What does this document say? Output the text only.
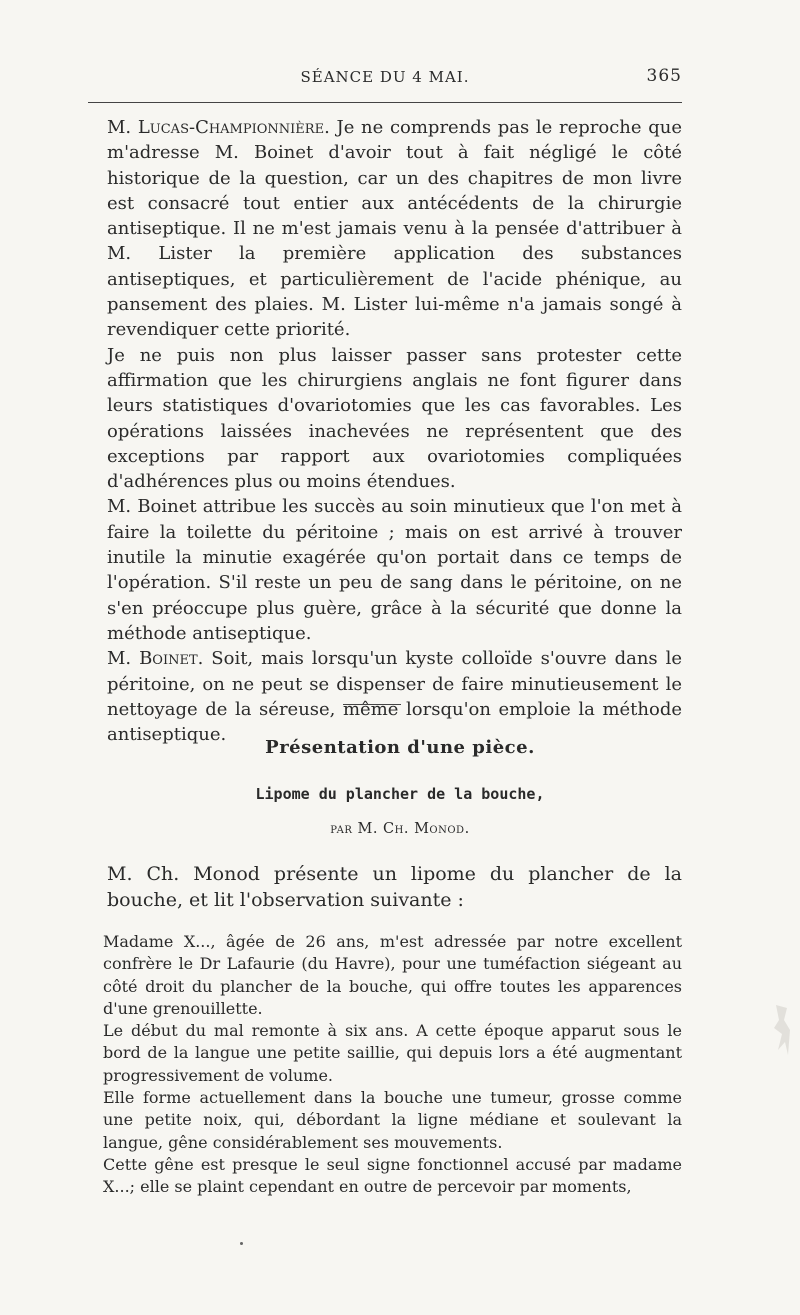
SÉANCE DU 4 MAI.	365

M. Lucas-Championnière. Je ne comprends pas le reproche que m'adresse M. Boinet d'avoir tout à fait négligé le côté historique de la question, car un des chapitres de mon livre est consacré tout entier aux antécédents de la chirurgie antiseptique. Il ne m'est jamais venu à la pensée d'attribuer à M. Lister la première application des substances antiseptiques, et particulièrement de l'acide phénique, au pansement des plaies. M. Lister lui-même n'a jamais songé à revendiquer cette priorité.

Je ne puis non plus laisser passer sans protester cette affirmation que les chirurgiens anglais ne font figurer dans leurs statistiques d'ovariotomies que les cas favorables. Les opérations laissées inachevées ne représentent que des exceptions par rapport aux ovariotomies compliquées d'adhérences plus ou moins étendues.

M. Boinet attribue les succès au soin minutieux que l'on met à faire la toilette du péritoine ; mais on est arrivé à trouver inutile la minutie exagérée qu'on portait dans ce temps de l'opération. S'il reste un peu de sang dans le péritoine, on ne s'en préoccupe plus guère, grâce à la sécurité que donne la méthode antiseptique.

M. Boinet. Soit, mais lorsqu'un kyste colloïde s'ouvre dans le péritoine, on ne peut se dispenser de faire minutieusement le nettoyage de la séreuse, même lorsqu'on emploie la méthode antiseptique.

Présentation d'une pièce.
Lipome du plancher de la bouche,
par M. Ch. Monod.

M. Ch. Monod présente un lipome du plancher de la bouche, et lit l'observation suivante :

Madame X..., âgée de 26 ans, m'est adressée par notre excellent confrère le Dr Lafaurie (du Havre), pour une tuméfaction siégeant au côté droit du plancher de la bouche, qui offre toutes les apparences d'une grenouillette.

Le début du mal remonte à six ans. A cette époque apparut sous le bord de la langue une petite saillie, qui depuis lors a été augmentant progressivement de volume.

Elle forme actuellement dans la bouche une tumeur, grosse comme une petite noix, qui, débordant la ligne médiane et soulevant la langue, gêne considérablement ses mouvements.

Cette gêne est presque le seul signe fonctionnel accusé par madame X...; elle se plaint cependant en outre de percevoir par moments,
